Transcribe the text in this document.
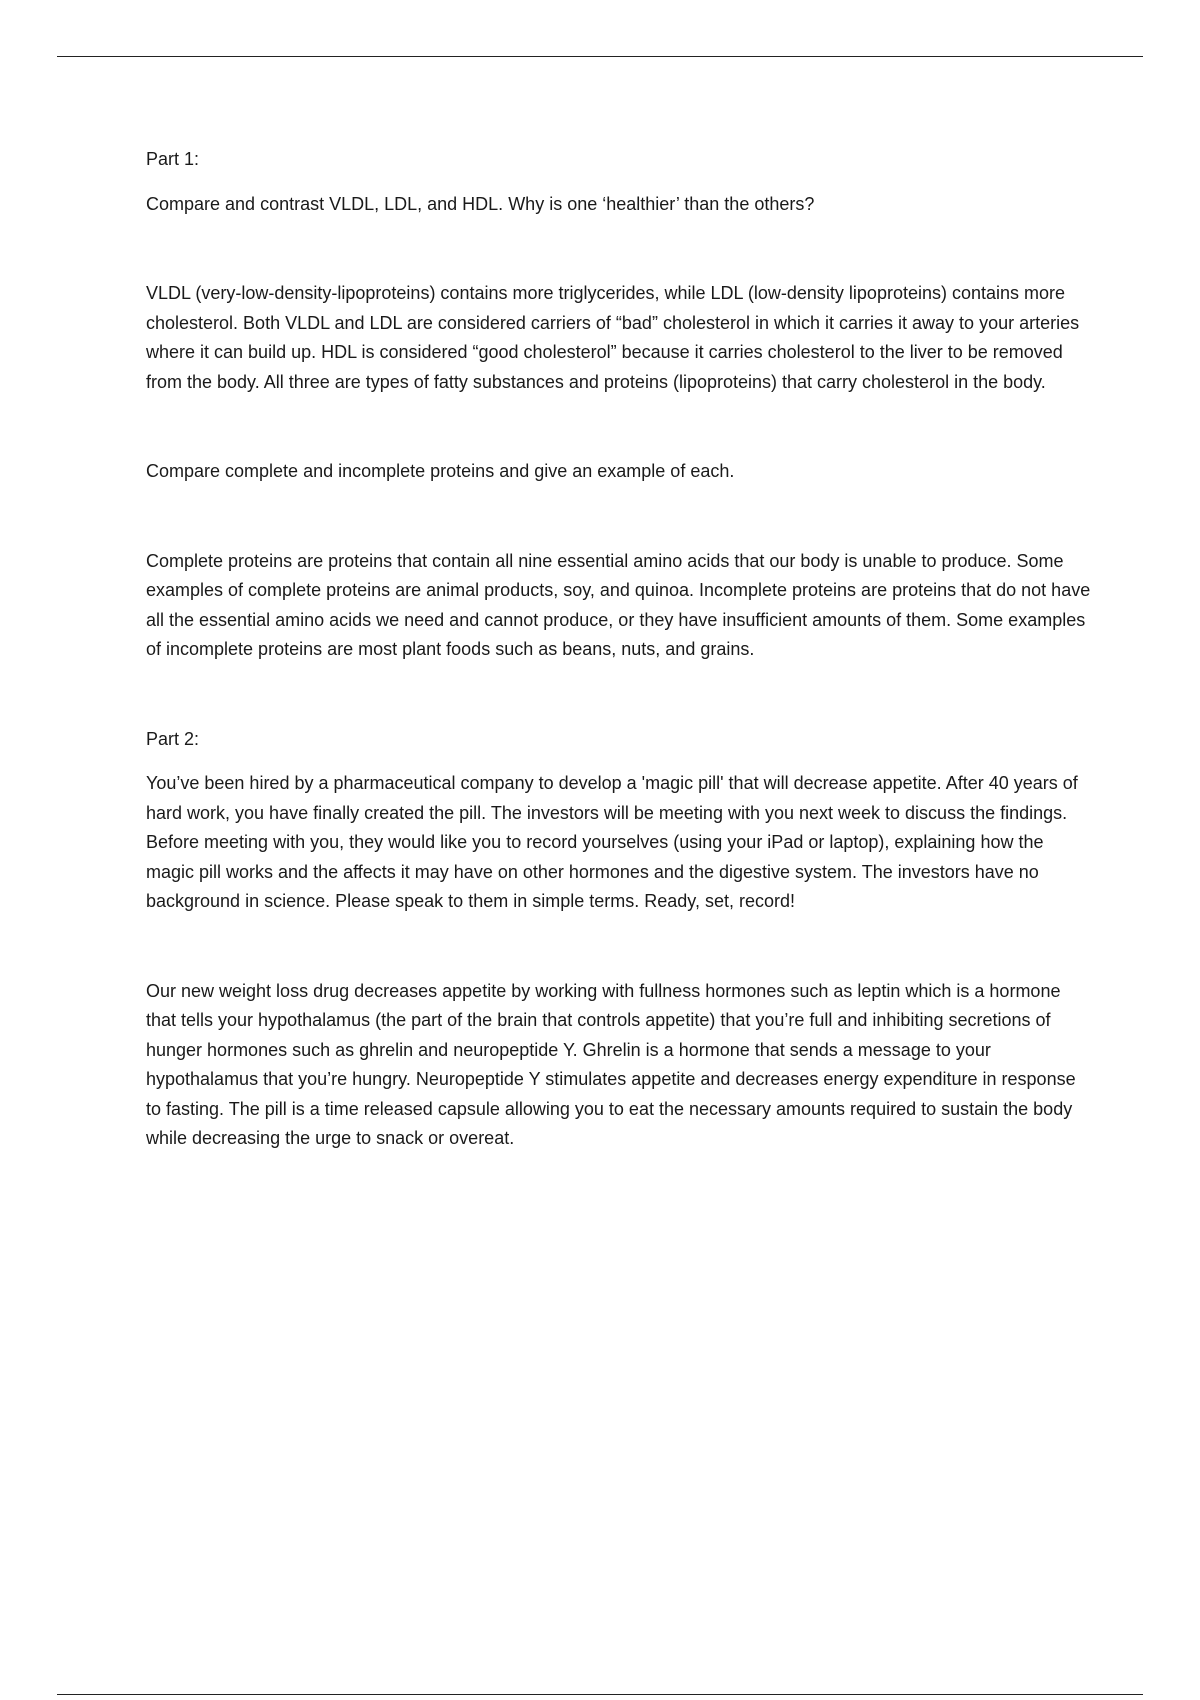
Part 1:

Compare and contrast VLDL, LDL, and HDL. Why is one ‘healthier’ than the others?

VLDL (very-low-density-lipoproteins) contains more triglycerides, while LDL (low-density lipoproteins) contains more cholesterol. Both VLDL and LDL are considered carriers of “bad” cholesterol in which it carries it away to your arteries where it can build up. HDL is considered “good cholesterol” because it carries cholesterol to the liver to be removed from the body. All three are types of fatty substances and proteins (lipoproteins) that carry cholesterol in the body.

Compare complete and incomplete proteins and give an example of each.

Complete proteins are proteins that contain all nine essential amino acids that our body is unable to produce. Some examples of complete proteins are animal products, soy, and quinoa. Incomplete proteins are proteins that do not have all the essential amino acids we need and cannot produce, or they have insufficient amounts of them. Some examples of incomplete proteins are most plant foods such as beans, nuts, and grains.

Part 2:

You’ve been hired by a pharmaceutical company to develop a 'magic pill' that will decrease appetite. After 40 years of hard work, you have finally created the pill. The investors will be meeting with you next week to discuss the findings. Before meeting with you, they would like you to record yourselves (using your iPad or laptop), explaining how the magic pill works and the affects it may have on other hormones and the digestive system. The investors have no background in science. Please speak to them in simple terms. Ready, set, record!

Our new weight loss drug decreases appetite by working with fullness hormones such as leptin which is a hormone that tells your hypothalamus (the part of the brain that controls appetite) that you’re full and inhibiting secretions of hunger hormones such as ghrelin and neuropeptide Y. Ghrelin is a hormone that sends a message to your hypothalamus that you’re hungry. Neuropeptide Y stimulates appetite and decreases energy expenditure in response to fasting. The pill is a time released capsule allowing you to eat the necessary amounts required to sustain the body while decreasing the urge to snack or overeat.
